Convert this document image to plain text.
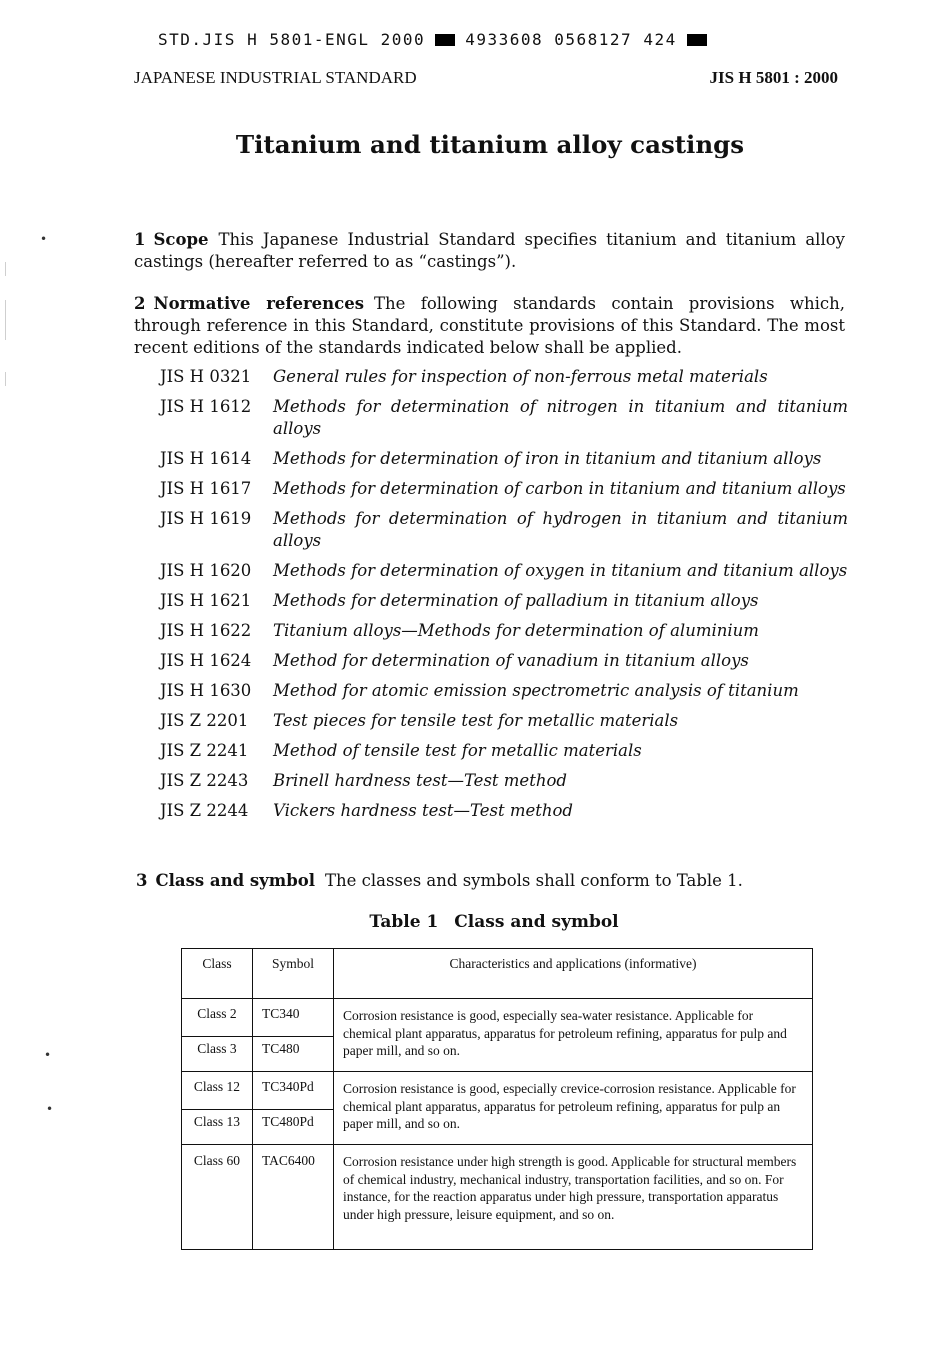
•
•
•
STD.JIS H 5801-ENGL 2000	4933608 0568127 424
JAPANESE INDUSTRIAL STANDARD	JIS H 5801 : 2000
Titanium and titanium alloy castings
1 Scope This Japanese Industrial Standard specifies titanium and titanium alloy castings (hereafter referred to as “castings”).
2 Normative references The following standards contain provisions which, through reference in this Standard, constitute provisions of this Standard. The most recent editions of the standards indicated below shall be applied.
JIS H 0321	General rules for inspection of non-ferrous metal materials
JIS H 1612	Methods for determination of nitrogen in titanium and titanium alloys
JIS H 1614	Methods for determination of iron in titanium and titanium alloys
JIS H 1617	Methods for determination of carbon in titanium and titanium alloys
JIS H 1619	Methods for determination of hydrogen in titanium and titanium alloys
JIS H 1620	Methods for determination of oxygen in titanium and titanium alloys
JIS H 1621	Methods for determination of palladium in titanium alloys
JIS H 1622	Titanium alloys—Methods for determination of aluminium
JIS H 1624	Method for determination of vanadium in titanium alloys
JIS H 1630	Method for atomic emission spectrometric analysis of titanium
JIS Z 2201	Test pieces for tensile test for metallic materials
JIS Z 2241	Method of tensile test for metallic materials
JIS Z 2243	Brinell hardness test—Test method
JIS Z 2244	Vickers hardness test—Test method
3 Class and symbol The classes and symbols shall conform to Table 1.
Table 1 Class and symbol
Class	Symbol	Characteristics and applications (informative)
Class 2	TC340	Corrosion resistance is good, especially sea-water resistance. Applicable for chemical plant apparatus, apparatus for petroleum refining, apparatus for pulp and paper mill, and so on.
Class 3	TC480	
Class 12	TC340Pd	Corrosion resistance is good, especially crevice-corrosion resistance. Applicable for chemical plant apparatus, apparatus for petroleum refining, apparatus for pulp an paper mill, and so on.
Class 13	TC480Pd	
Class 60	TAC6400	Corrosion resistance under high strength is good. Applicable for structural members of chemical industry, mechanical industry, transportation facilities, and so on. For instance, for the reaction apparatus under high pressure, transportation apparatus under high pressure, leisure equipment, and so on.
